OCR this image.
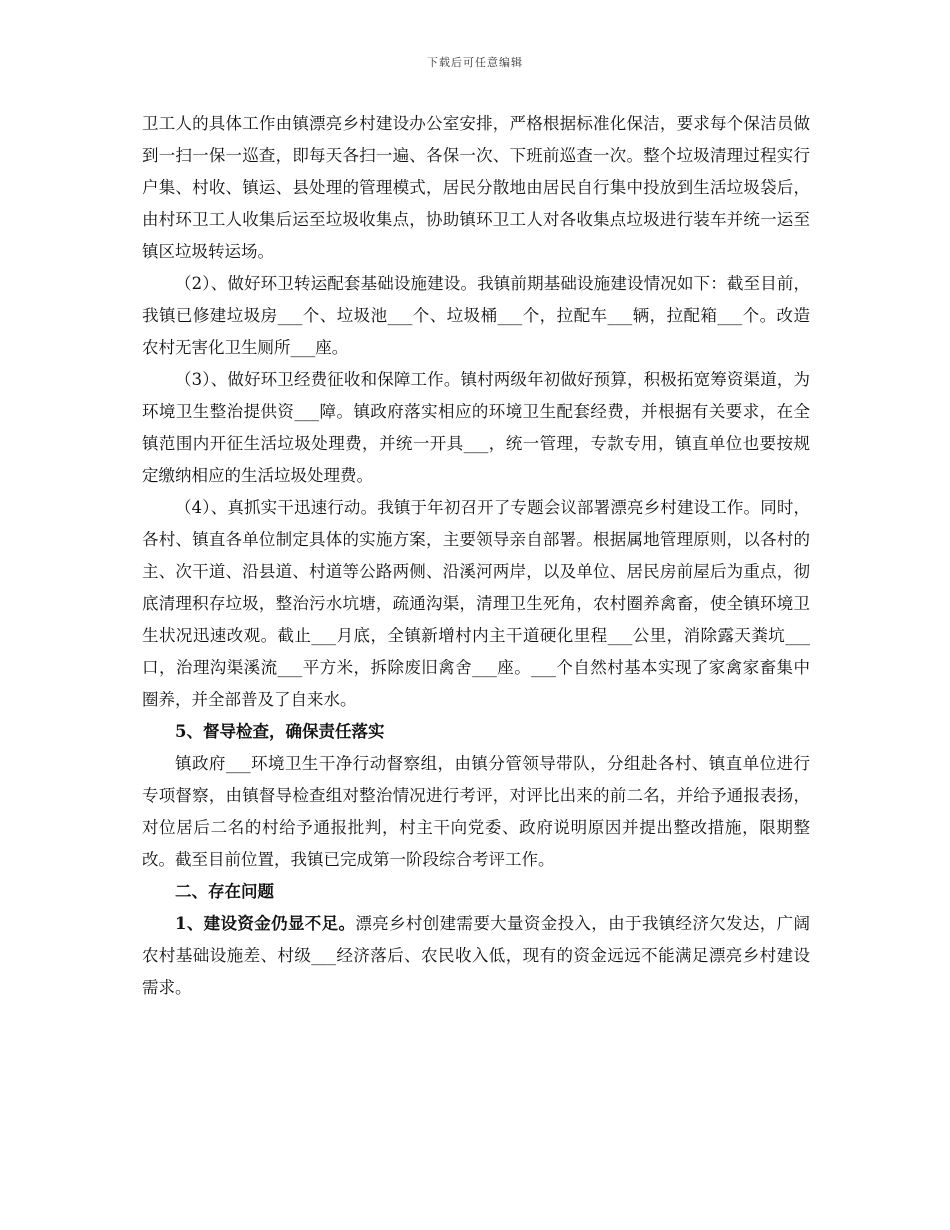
下载后可任意编辑

卫工人的具体工作由镇漂亮乡村建设办公室安排，严格根据标准化保洁，要求每个保洁员做到一扫一保一巡查，即每天各扫一遍、各保一次、下班前巡查一次。整个垃圾清理过程实行户集、村收、镇运、县处理的管理模式，居民分散地由居民自行集中投放到生活垃圾袋后，由村环卫工人收集后运至垃圾收集点，协助镇环卫工人对各收集点垃圾进行装车并统一运至镇区垃圾转运场。

（2）、做好环卫转运配套基础设施建设。我镇前期基础设施建设情况如下：截至目前，我镇已修建垃圾房___个、垃圾池___个、垃圾桶___个，拉配车___辆，拉配箱___个。改造农村无害化卫生厕所___座。

（3）、做好环卫经费征收和保障工作。镇村两级年初做好预算，积极拓宽筹资渠道，为环境卫生整治提供资___障。镇政府落实相应的环境卫生配套经费，并根据有关要求，在全镇范围内开征生活垃圾处理费，并统一开具___，统一管理，专款专用，镇直单位也要按规定缴纳相应的生活垃圾处理费。

（4）、真抓实干迅速行动。我镇于年初召开了专题会议部署漂亮乡村建设工作。同时，各村、镇直各单位制定具体的实施方案，主要领导亲自部署。根据属地管理原则，以各村的主、次干道、沿县道、村道等公路两侧、沿溪河两岸，以及单位、居民房前屋后为重点，彻底清理积存垃圾，整治污水坑塘，疏通沟渠，清理卫生死角，农村圈养禽畜，使全镇环境卫生状况迅速改观。截止___月底，全镇新增村内主干道硬化里程___公里，消除露天粪坑___口，治理沟渠溪流___平方米，拆除废旧禽舍___座。___个自然村基本实现了家禽家畜集中圈养，并全部普及了自来水。

5、督导检查，确保责任落实

镇政府___环境卫生干净行动督察组，由镇分管领导带队，分组赴各村、镇直单位进行专项督察，由镇督导检查组对整治情况进行考评，对评比出来的前二名，并给予通报表扬，对位居后二名的村给予通报批判，村主干向党委、政府说明原因并提出整改措施，限期整改。截至目前位置，我镇已完成第一阶段综合考评工作。

二、存在问题

1、建设资金仍显不足。漂亮乡村创建需要大量资金投入，由于我镇经济欠发达，广阔农村基础设施差、村级___经济落后、农民收入低，现有的资金远远不能满足漂亮乡村建设需求。
